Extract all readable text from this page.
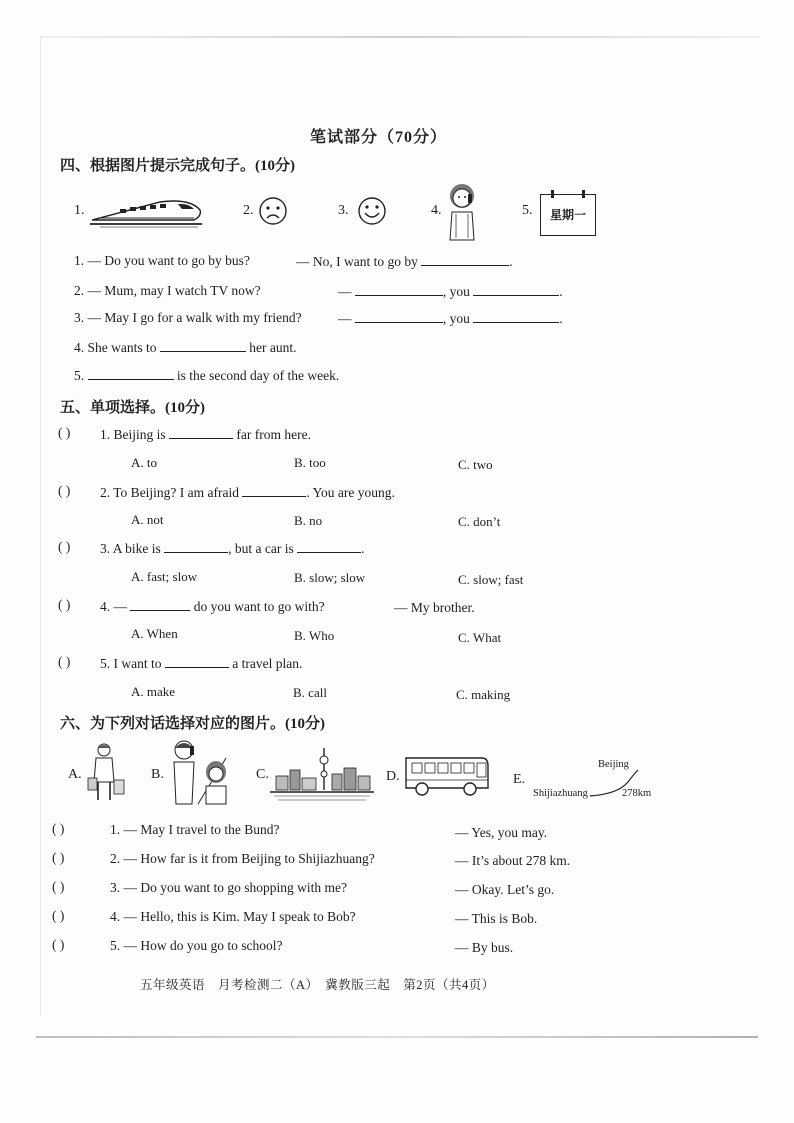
笔试部分（70分）
四、根据图片提示完成句子。(10分)
1.	2.	3.	4.	5.	星期一
1. — Do you want to go by bus?	— No, I want to go by	.
2. — Mum, may I watch TV now?	—	, you	.
3. — May I go for a walk with my friend?	—	, you	.
4. She wants to	her aunt.
5.	is the second day of the week.
五、单项选择。(10分)
( ) 1. Beijing is	far from here.
A. to	B. too	C. two
( ) 2. To Beijing? I am afraid	. You are young.
A. not	B. no	C. don’t
( ) 3. A bike is	, but a car is	.
A. fast; slow	B. slow; slow	C. slow; fast
( ) 4. —	do you want to go with?	— My brother.
A. When	B. Who	C. What
( ) 5. I want to	a travel plan.
A. make	B. call	C. making
六、为下列对话选择对应的图片。(10分)
A.	B.	C.	D.	E.
Beijing
Shijiazhuang	278km
( )	1. — May I travel to the Bund?	— Yes, you may.
( )	2. — How far is it from Beijing to Shijiazhuang?	— It’s about 278 km.
( )	3. — Do you want to go shopping with me?	— Okay. Let’s go.
( )	4. — Hello, this is Kim. May I speak to Bob?	— This is Bob.
( )	5. — How do you go to school?	— By bus.
五年级英语　月考检测二（A）　冀教版三起　第2页（共4页）
